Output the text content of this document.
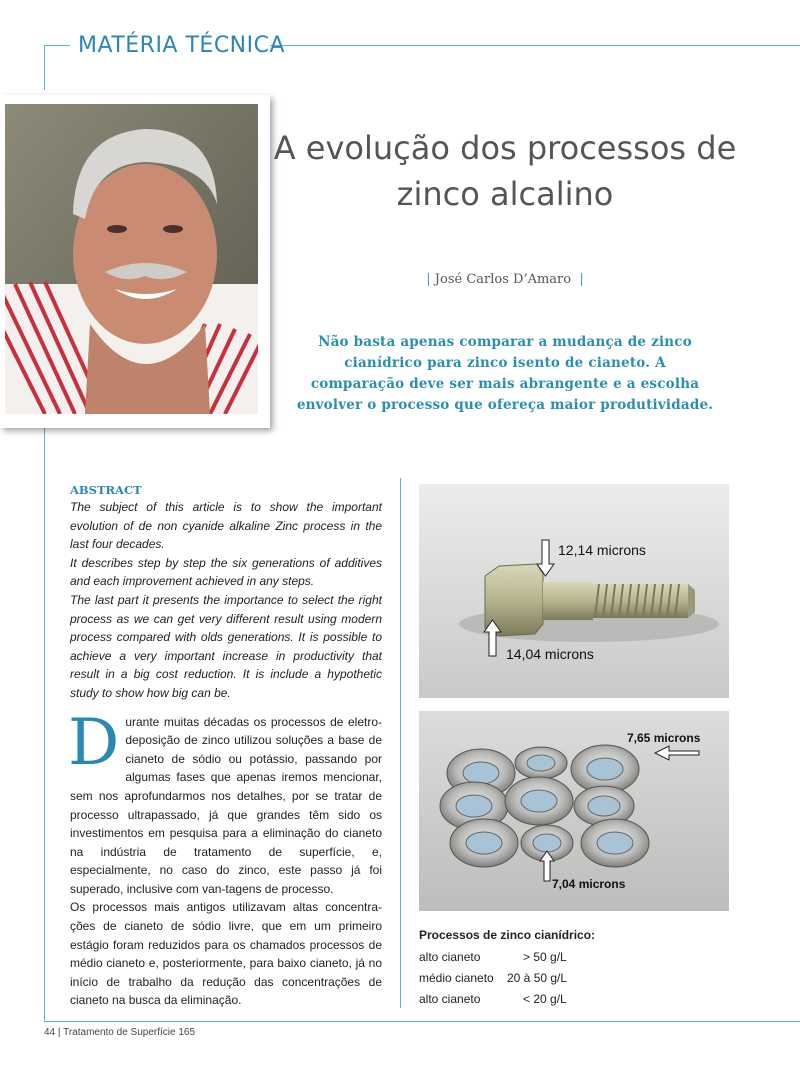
MATÉRIA TÉCNICA
A evolução dos processos de
zinco alcalino
| José Carlos D’Amaro  |
Não basta apenas comparar a mudança de zinco cianídrico para zinco isento de cianeto. A comparação deve ser mais abrangente e a escolha envolver o processo que ofereça maior produtividade.
ABSTRACT

The subject of this article is to show the important evolution of de non cyanide alkaline Zinc process in the last four decades.

It describes step by step the six generations of additives and each improvement achieved in any steps.

The last part it presents the importance to select the right process as we can get very different result using modern process compared with olds generations. It is possible to achieve a very important increase in productivity that result in a big cost reduction. It is include a hypothetic study to show how big can be.

Durante muitas décadas os processos de eletro-deposição de zinco utilizou soluções a base de cianeto de sódio ou potássio, passando por algumas fases que apenas iremos mencionar, sem nos aprofundarmos nos detalhes, por se tratar de processo ultrapassado, já que grandes têm sido os investimentos em pesquisa para a eliminação do cianeto na indústria de tratamento de superfície, e, especialmente, no caso do zinco, este passo já foi superado, inclusive com van-tagens de processo.

Os processos mais antigos utilizavam altas concentra-ções de cianeto de sódio livre, que em um primeiro estágio foram reduzidos para os chamados processos de médio cianeto e, posteriormente, para baixo cianeto, já no início de trabalho da redução das concentrações de cianeto na busca da eliminação.

12,14 microns
14,04 microns
7,65 microns
7,04 microns
Processos de zinco cianídrico:
alto cianeto	> 50 g/L
médio cianeto 20 à 50 g/L
alto cianeto	< 20 g/L
44 | Tratamento de Superfície 165
